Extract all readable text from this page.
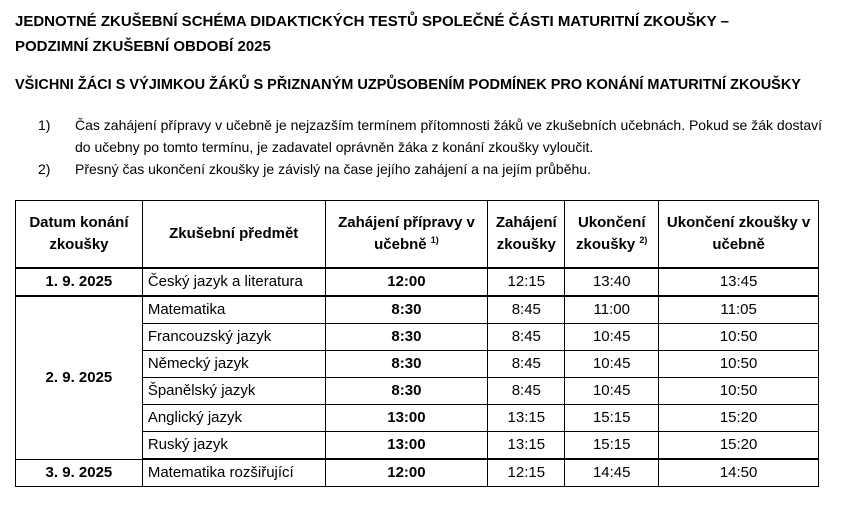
JEDNOTNÉ ZKUŠEBNÍ SCHÉMA DIDAKTICKÝCH TESTŮ SPOLEČNÉ ČÁSTI MATURITNÍ ZKOUŠKY –
PODZIMNÍ ZKUŠEBNÍ OBDOBÍ 2025
VŠICHNI ŽÁCI S VÝJIMKOU ŽÁKŮ S PŘIZNANÝM UZPŮSOBENÍM PODMÍNEK PRO KONÁNÍ MATURITNÍ ZKOUŠKY
1)	Čas zahájení přípravy v učebně je nejzazším termínem přítomnosti žáků ve zkušebních učebnách. Pokud se žák dostaví do učebny po tomto termínu, je zadavatel oprávněn žáka z konání zkoušky vyloučit.
2)	Přesný čas ukončení zkoušky je závislý na čase jejího zahájení a na jejím průběhu.
Datum konání zkoušky	Zkušební předmět	Zahájení přípravy v učebně $^{1)}$	Zahájení zkoušky	Ukončení zkoušky $^{2)}$	Ukončení zkoušky v učebně
1. 9. 2025	Český jazyk a literatura	12:00	12:15	13:40	13:45
2. 9. 2025	Matematika	8:30	8:45	11:00	11:05
	Francouzský jazyk	8:30	8:45	10:45	10:50
	Německý jazyk	8:30	8:45	10:45	10:50
	Španělský jazyk	8:30	8:45	10:45	10:50
	Anglický jazyk	13:00	13:15	15:15	15:20
	Ruský jazyk	13:00	13:15	15:15	15:20
3. 9. 2025	Matematika rozšiřující	12:00	12:15	14:45	14:50
